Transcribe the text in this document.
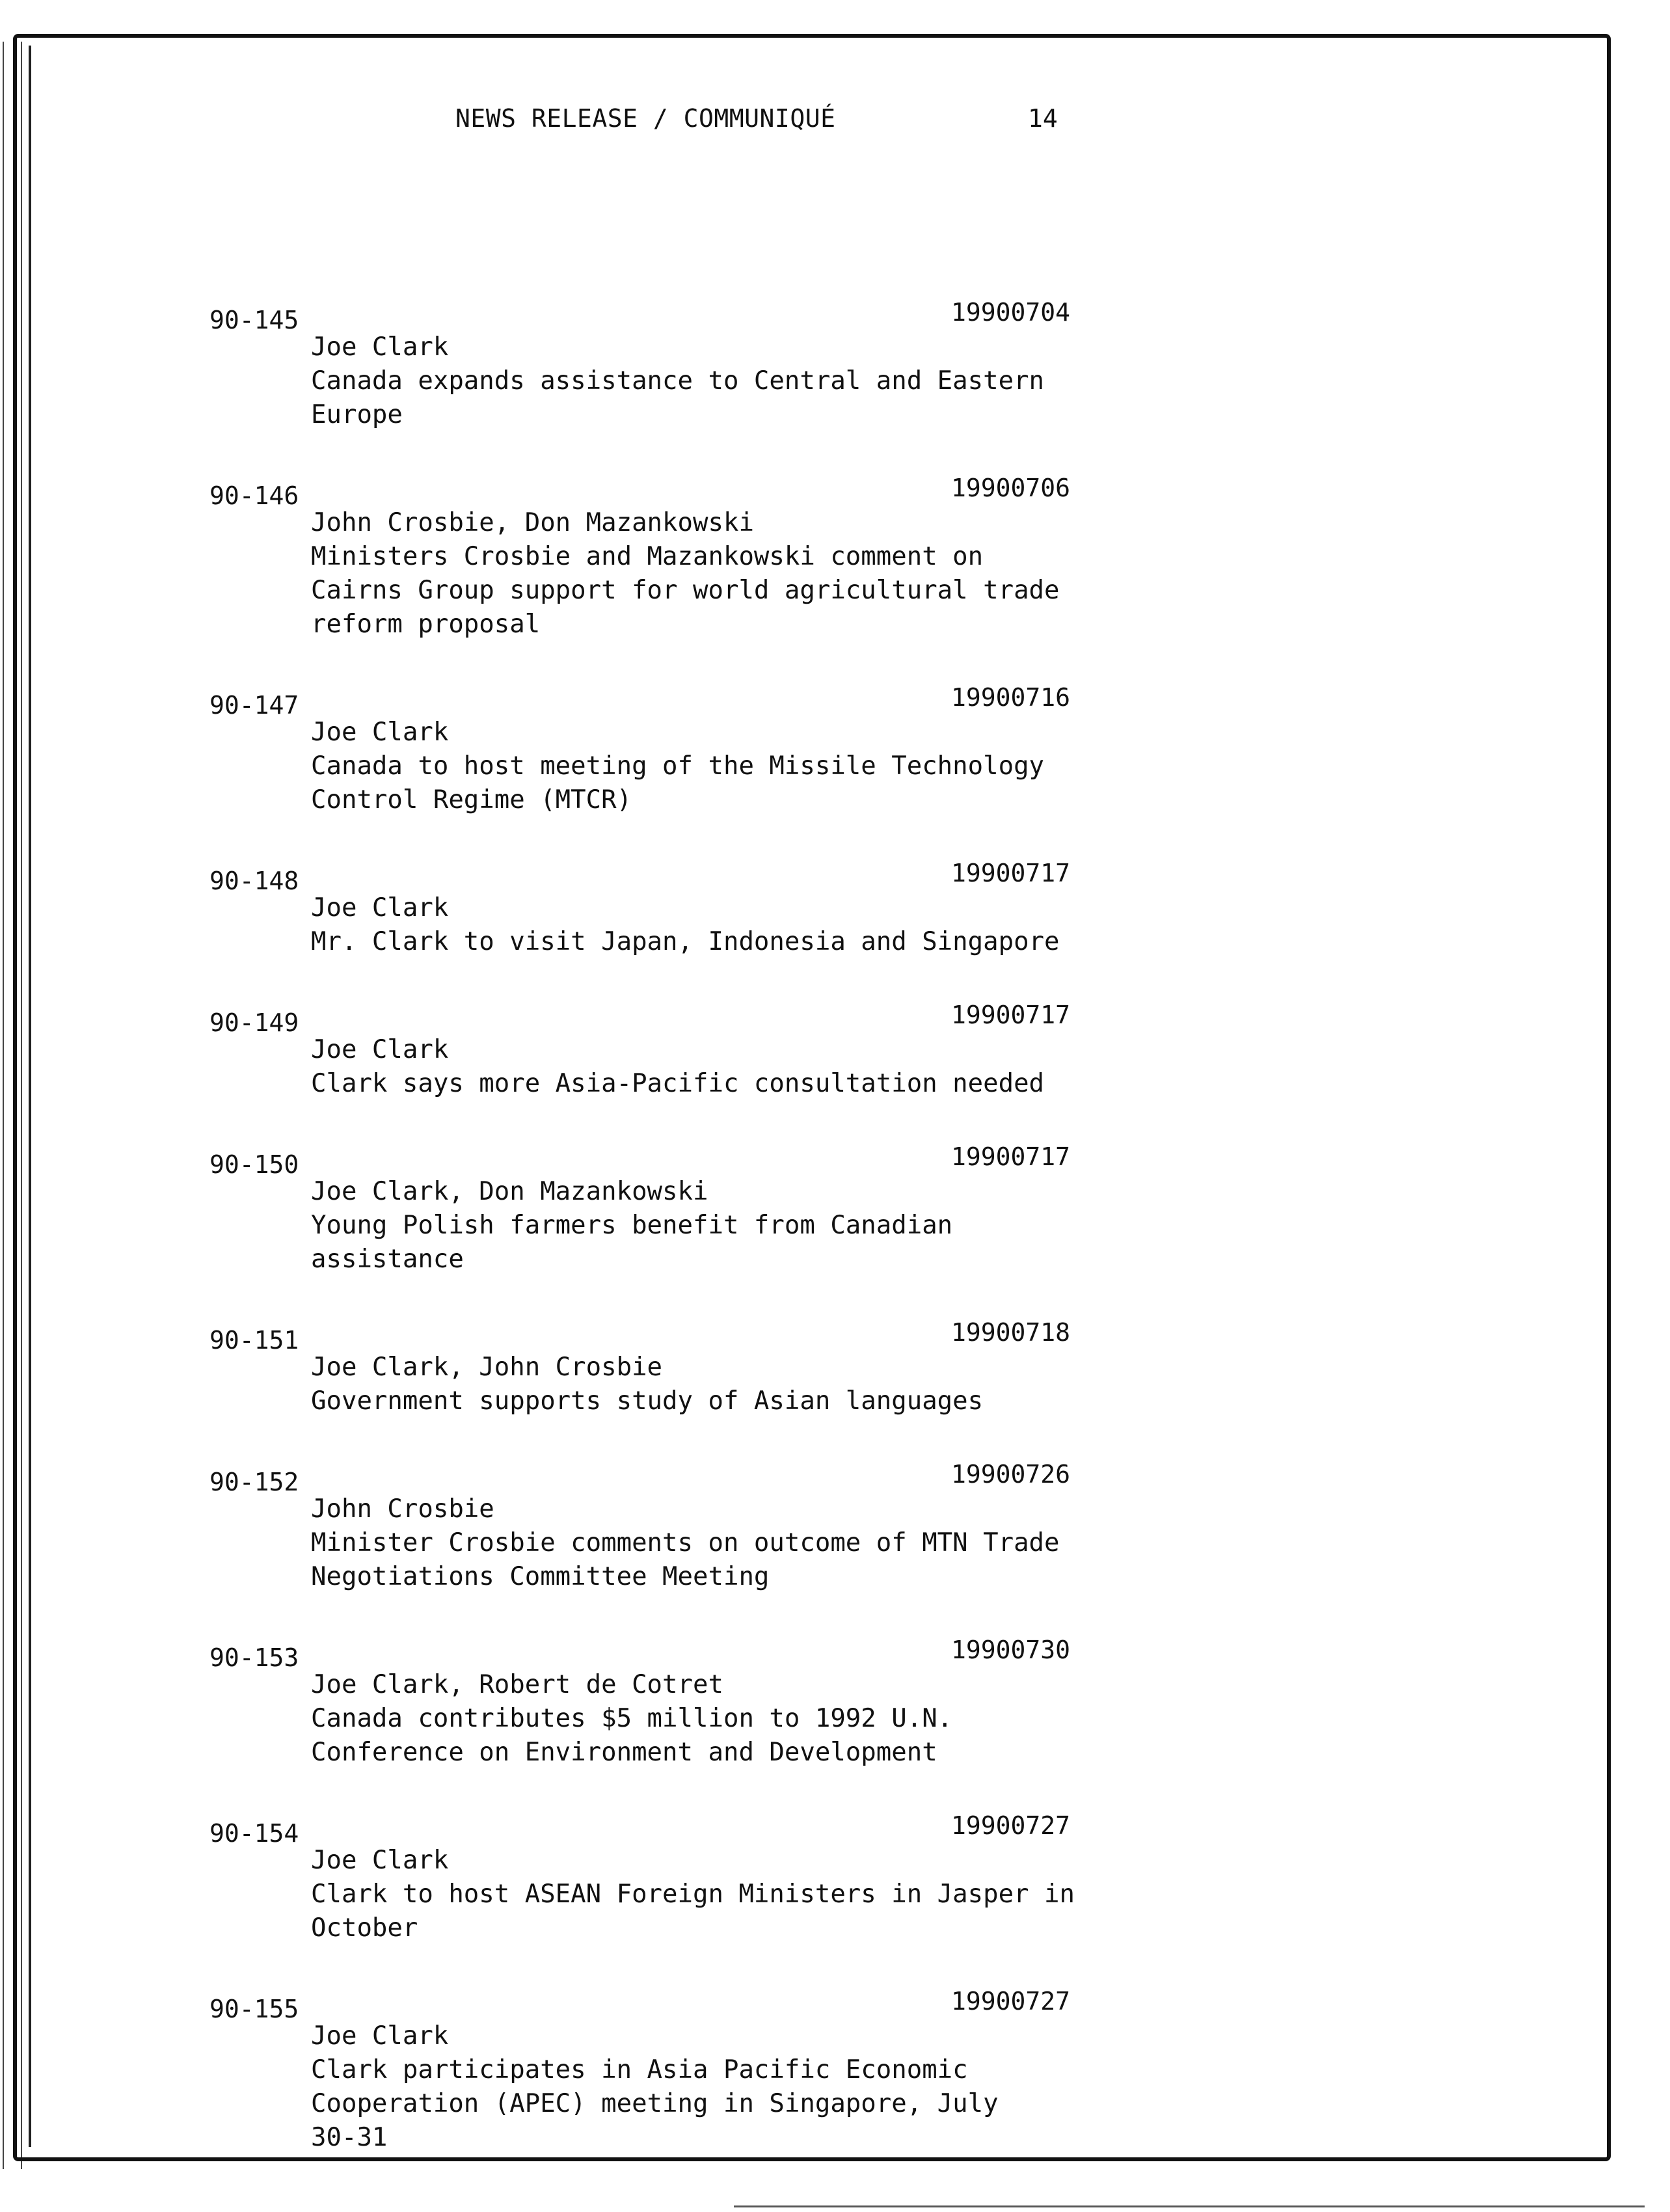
NEWS RELEASE / COMMUNIQUÉ	14
90-145	19900704
Joe Clark
Canada expands assistance to Central and Eastern
Europe
90-146	19900706
John Crosbie, Don Mazankowski
Ministers Crosbie and Mazankowski comment on
Cairns Group support for world agricultural trade
reform proposal
90-147	19900716
Joe Clark
Canada to host meeting of the Missile Technology
Control Regime (MTCR)
90-148	19900717
Joe Clark
Mr. Clark to visit Japan, Indonesia and Singapore
90-149	19900717
Joe Clark
Clark says more Asia-Pacific consultation needed
90-150	19900717
Joe Clark, Don Mazankowski
Young Polish farmers benefit from Canadian
assistance
90-151	19900718
Joe Clark, John Crosbie
Government supports study of Asian languages
90-152	19900726
John Crosbie
Minister Crosbie comments on outcome of MTN Trade
Negotiations Committee Meeting
90-153	19900730
Joe Clark, Robert de Cotret
Canada contributes $5 million to 1992 U.N.
Conference on Environment and Development
90-154	19900727
Joe Clark
Clark to host ASEAN Foreign Ministers in Jasper in
October
90-155	19900727
Joe Clark
Clark participates in Asia Pacific Economic
Cooperation (APEC) meeting in Singapore, July
30-31
